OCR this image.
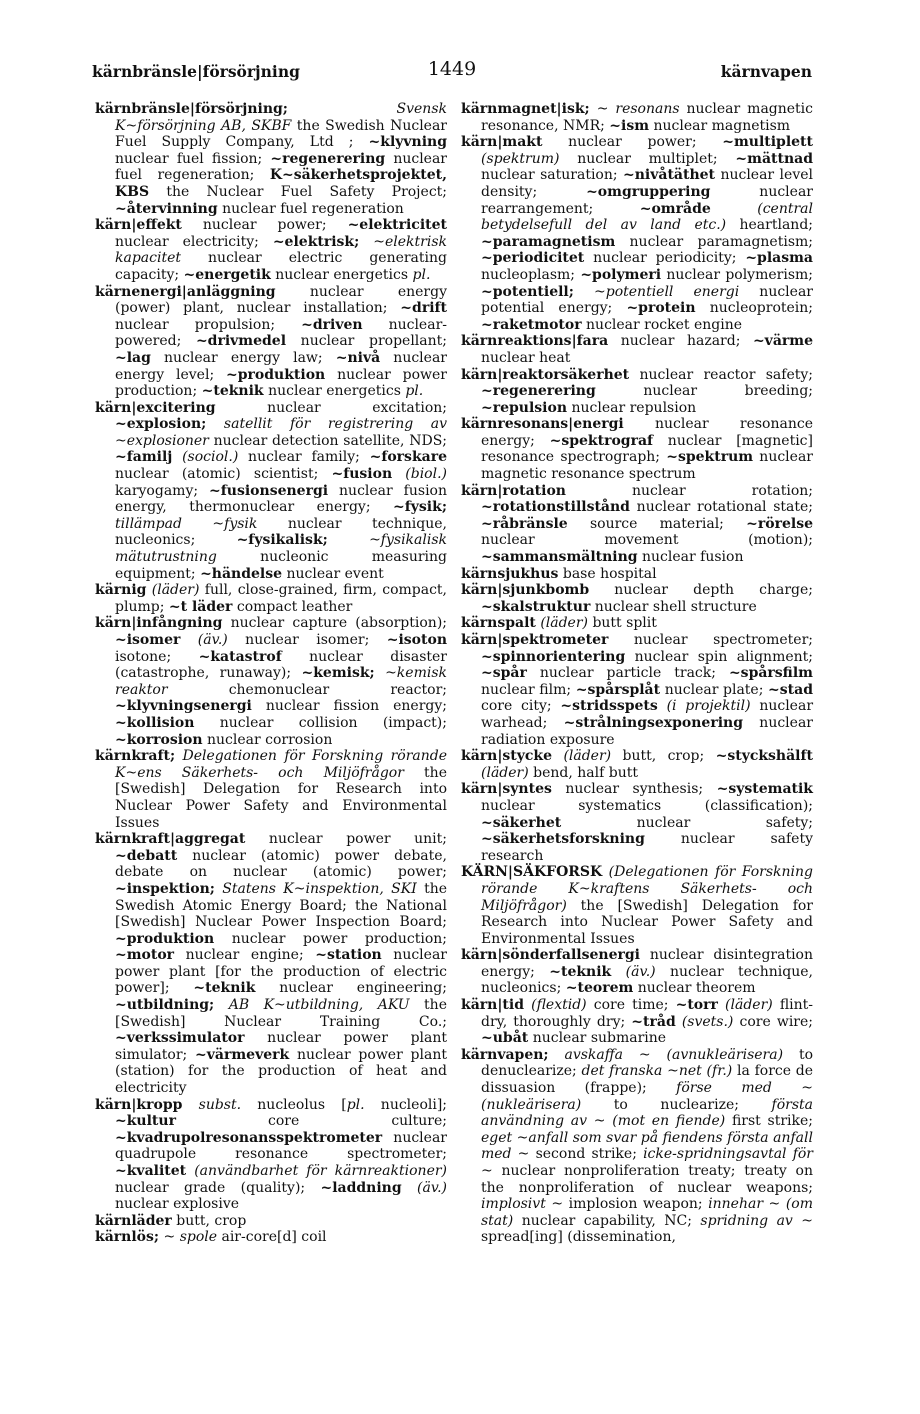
kärnbränsle|försörjning	1449	kärnvapen

kärnbränsle|försörjning;	Svensk K~försörjning AB, SKBF the Swedish Nuclear Fuel Supply Company, Ltd ; ~klyvning nuclear fuel fission; ~regenerering nuclear fuel regeneration; K~säkerhetsprojektet, KBS the Nuclear Fuel Safety Project; ~återvinning nuclear fuel regeneration

kärn|effekt nuclear power; ~elektricitet nuclear electricity; ~elektrisk; ~elektrisk kapacitet nuclear electric generating capacity; ~energetik nuclear energetics pl.

kärnenergi|anläggning nuclear energy (power) plant, nuclear installation; ~drift nuclear propulsion; ~driven nuclear-powered; ~drivmedel nuclear propellant; ~lag nuclear energy law; ~nivå nuclear energy level; ~produktion nuclear power production; ~teknik nuclear energetics pl.

kärn|excitering nuclear excitation; ~explosion; satellit för registrering av ~explosioner nuclear detection satellite, NDS; ~familj (sociol.) nuclear family; ~forskare nuclear (atomic) scientist; ~fusion (biol.) karyogamy; ~fusionsenergi nuclear fusion energy, thermonuclear energy; ~fysik; tillämpad ~fysik nuclear technique, nucleonics; ~fysikalisk;	~fysikalisk mätutrustning nucleonic measuring equipment; ~händelse nuclear event

kärnig (läder) full, close-grained, firm, compact, plump; ~t läder compact leather

kärn|infångning nuclear capture (absorption); ~isomer (äv.) nuclear isomer; ~isoton isotone; ~katastrof nuclear disaster (catastrophe, runaway); ~kemisk; ~kemisk reaktor chemonuclear reactor; ~klyvningsenergi nuclear fission energy; ~kollision nuclear collision (impact); ~korrosion nuclear corrosion

kärnkraft; Delegationen för Forskning rörande K~ens Säkerhets- och Miljöfrågor the [Swedish] Delegation for Research into Nuclear Power Safety and Environmental Issues

kärnkraft|aggregat nuclear power unit; ~debatt nuclear (atomic) power debate, debate on nuclear (atomic) power; ~inspektion; Statens K~inspektion, SKI the Swedish Atomic Energy Board; the National [Swedish] Nuclear Power Inspection Board; ~produktion nuclear power production; ~motor nuclear engine; ~station nuclear power plant [for the production of electric power]; ~teknik nuclear engineering; ~utbildning; AB K~utbildning, AKU the [Swedish] Nuclear Training Co.; ~verkssimulator nuclear power plant simulator; ~värmeverk nuclear power plant (station) for the production of heat and electricity

kärn|kropp subst. nucleolus [pl. nucleoli]; ~kultur core culture; ~kvadrupolresonansspektrometer nuclear quadrupole resonance spectrometer; ~kvalitet (användbarhet för kärnreaktioner) nuclear grade (quality); ~laddning (äv.) nuclear explosive

kärnläder butt, crop

kärnlös; ~ spole air-core[d] coil

kärnmagnet|isk; ~ resonans nuclear magnetic resonance, NMR; ~ism nuclear magnetism

kärn|makt nuclear power; ~multiplett (spektrum) nuclear multiplet; ~mättnad nuclear saturation; ~nivåtäthet nuclear level density; ~omgruppering nuclear rearrangement; ~område	(central betydelsefull del av land etc.) heartland; ~paramagnetism nuclear paramagnetism; ~periodicitet nuclear periodicity; ~plasma nucleoplasm; ~polymeri nuclear polymerism; ~potentiell; ~potentiell energi nuclear potential energy; ~protein nucleoprotein; ~raketmotor nuclear rocket engine

kärnreaktions|fara nuclear hazard; ~värme nuclear heat

kärn|reaktorsäkerhet nuclear reactor safety; ~regenerering nuclear breeding; ~repulsion nuclear repulsion

kärnresonans|energi nuclear resonance energy; ~spektrograf nuclear [magnetic] resonance spectrograph; ~spektrum nuclear magnetic resonance spectrum

kärn|rotation nuclear rotation; ~rotationstillstånd nuclear rotational state; ~råbränsle source material; ~rörelse nuclear movement (motion); ~sammansmältning nuclear fusion

kärnsjukhus base hospital

kärn|sjunkbomb nuclear depth charge; ~skalstruktur nuclear shell structure

kärnspalt (läder) butt split

kärn|spektrometer nuclear spectrometer; ~spinnorientering nuclear spin alignment; ~spår nuclear particle track; ~spårsfilm nuclear film; ~spårsplåt nuclear plate; ~stad core city; ~stridsspets (i projektil) nuclear warhead; ~strålningsexponering nuclear radiation exposure

kärn|stycke (läder) butt, crop; ~styckshälft (läder) bend, half butt

kärn|syntes nuclear synthesis; ~systematik nuclear systematics (classification); ~säkerhet nuclear safety; ~säkerhetsforskning nuclear safety research

KÄRN|SÄKFORSK (Delegationen för Forskning rörande K~kraftens Säkerhets- och Miljöfrågor) the [Swedish] Delegation for Research into Nuclear Power Safety and Environmental Issues

kärn|sönderfallsenergi nuclear disintegration energy; ~teknik (äv.) nuclear technique, nucleonics; ~teorem nuclear theorem

kärn|tid (flextid) core time; ~torr (läder) flint-dry, thoroughly dry; ~tråd (svets.) core wire; ~ubåt nuclear submarine

kärnvapen; avskaffa ~ (avnukleärisera) to denuclearize; det franska ~net (fr.) la force de dissuasion (frappe); förse med ~ (nukleärisera) to nuclearize; första användning av ~ (mot en fiende) first strike; eget ~anfall som svar på fiendens första anfall med ~ second strike; icke-spridningsavtal för ~ nuclear nonproliferation treaty; treaty on the nonproliferation of nuclear weapons; implosivt ~ implosion weapon; innehar ~ (om stat) nuclear capability, NC; spridning av ~ spread[ing] (dissemination,
